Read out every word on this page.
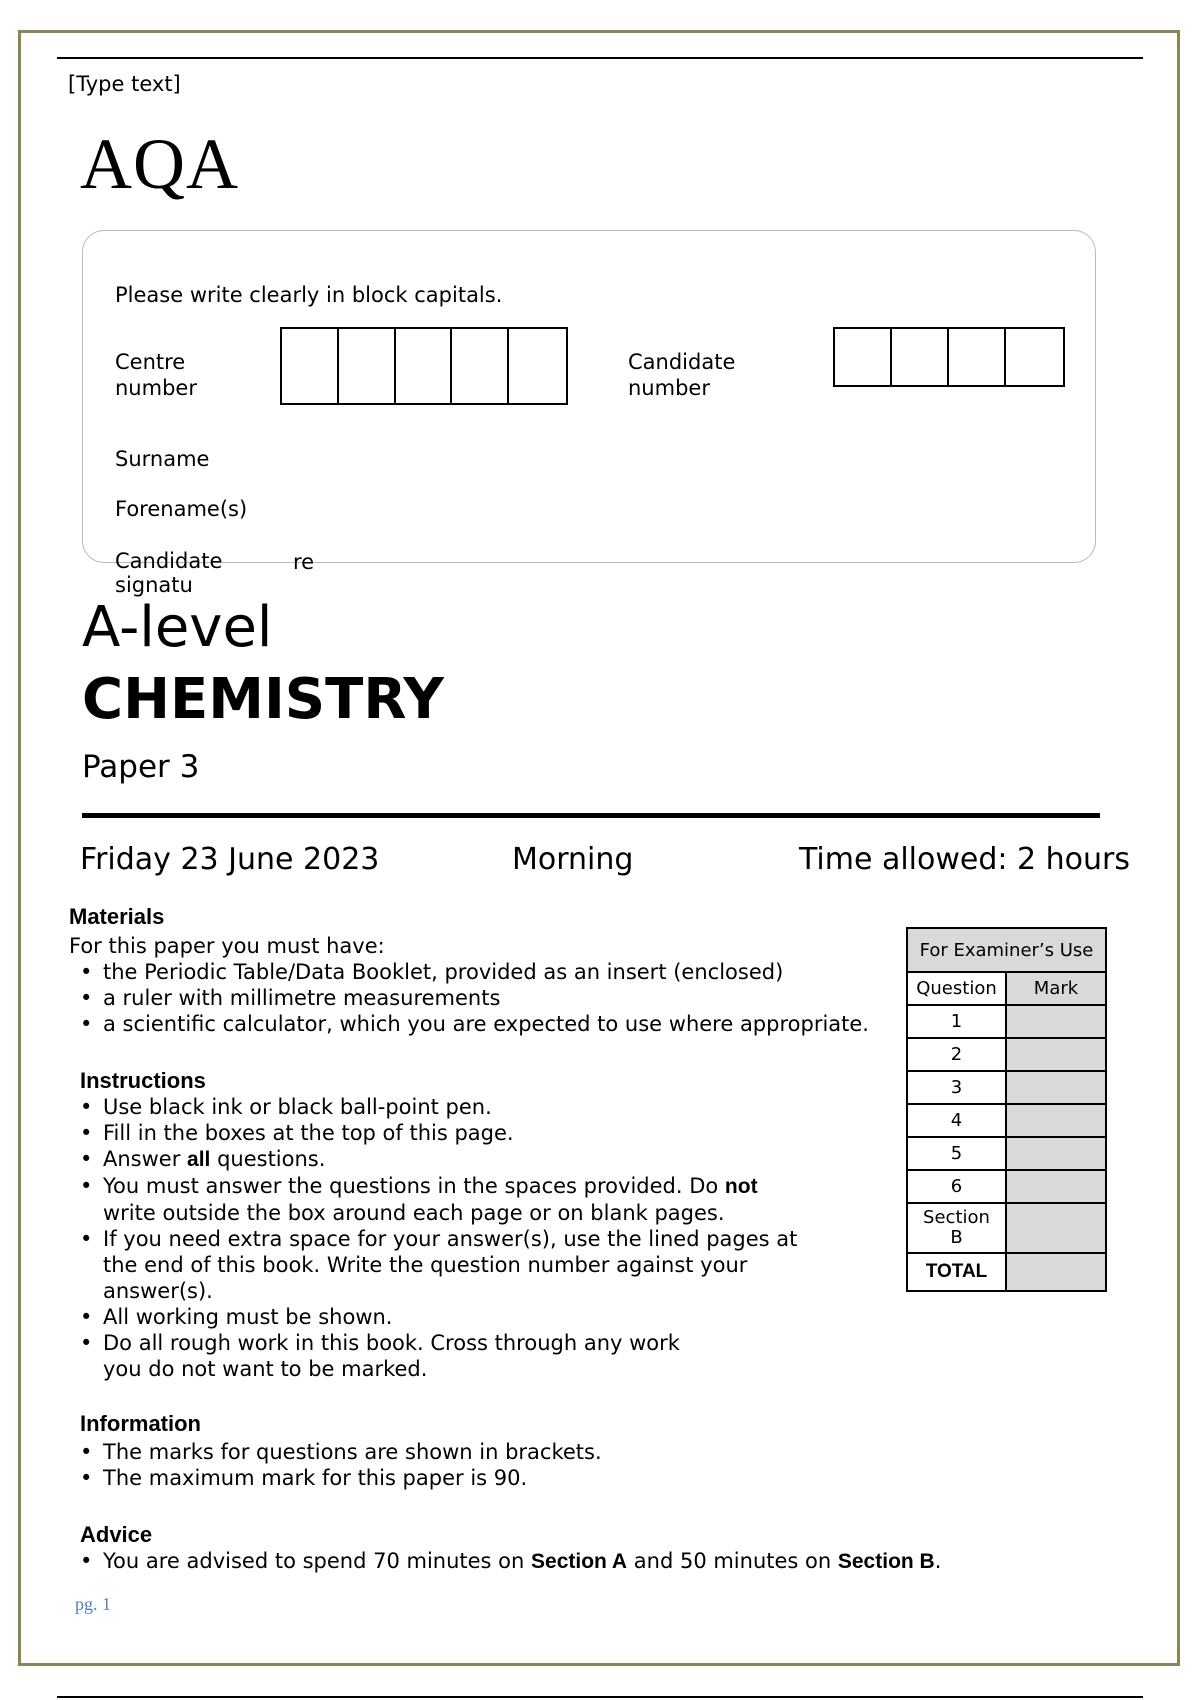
[Type text]
AQA
Please write clearly in block capitals.
Centre
number
Candidate
number
Surname
Forename(s)
Candidate
signatu
re
A-level
CHEMISTRY
Paper 3
Friday 23 June 2023	Morning	Time allowed: 2 hours
Materials
For this paper you must have:
• the Periodic Table/Data Booklet, provided as an insert (enclosed)
• a ruler with millimetre measurements
• a scientific calculator, which you are expected to use where appropriate.
Instructions
• Use black ink or black ball-point pen.
• Fill in the boxes at the top of this page.
• Answer all questions.
• You must answer the questions in the spaces provided. Do not
write outside the box around each page or on blank pages.
• If you need extra space for your answer(s), use the lined pages at
the end of this book. Write the question number against your
answer(s).
• All working must be shown.
• Do all rough work in this book. Cross through any work
you do not want to be marked.
Information
• The marks for questions are shown in brackets.
• The maximum mark for this paper is 90.
Advice
• You are advised to spend 70 minutes on Section A and 50 minutes on Section B.
For Examiner’s Use	
Question	Mark
1	
2	
3	
4	
5	
6	

Section
B	

TOTAL	
pg. 1
